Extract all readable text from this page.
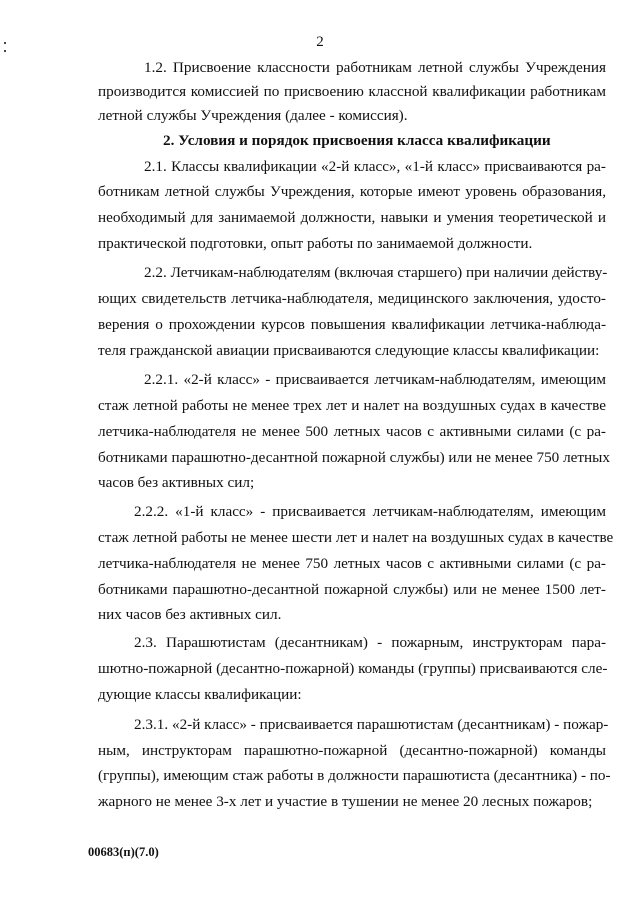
2
1.2. Присвоение классности работникам летной службы Учреждения
производится комиссией по присвоению классной квалификации работникам
летной службы Учреждения (далее - комиссия).
2. Условия и порядок присвоения класса квалификации
2.1. Классы квалификации «2-й класс», «1-й класс» присваиваются ра-
ботникам летной службы Учреждения, которые имеют уровень образования,
необходимый для занимаемой должности, навыки и умения теоретической и
практической подготовки, опыт работы по занимаемой должности.
2.2. Летчикам-наблюдателям (включая старшего) при наличии действу-
ющих свидетельств летчика-наблюдателя, медицинского заключения, удосто-
верения о прохождении курсов повышения квалификации летчика-наблюда-
теля гражданской авиации присваиваются следующие классы квалификации:
2.2.1. «2-й класс» - присваивается летчикам-наблюдателям, имеющим
стаж летной работы не менее трех лет и налет на воздушных судах в качестве
летчика-наблюдателя не менее 500 летных часов с активными силами (с ра-
ботниками парашютно-десантной пожарной службы) или не менее 750 летных
часов без активных сил;
2.2.2. «1-й класс» - присваивается летчикам-наблюдателям, имеющим
стаж летной работы не менее шести лет и налет на воздушных судах в качестве
летчика-наблюдателя не менее 750 летных часов с активными силами (с ра-
ботниками парашютно-десантной пожарной службы) или не менее 1500 лет-
них часов без активных сил.
2.3. Парашютистам (десантникам) - пожарным, инструкторам пара-
шютно-пожарной (десантно-пожарной) команды (группы) присваиваются сле-
дующие классы квалификации:
2.3.1. «2-й класс» - присваивается парашютистам (десантникам) - пожар-
ным, инструкторам парашютно-пожарной (десантно-пожарной) команды
(группы), имеющим стаж работы в должности парашютиста (десантника) - по-
жарного не менее 3-х лет и участие в тушении не менее 20 лесных пожаров;
00683(п)(7.0)
